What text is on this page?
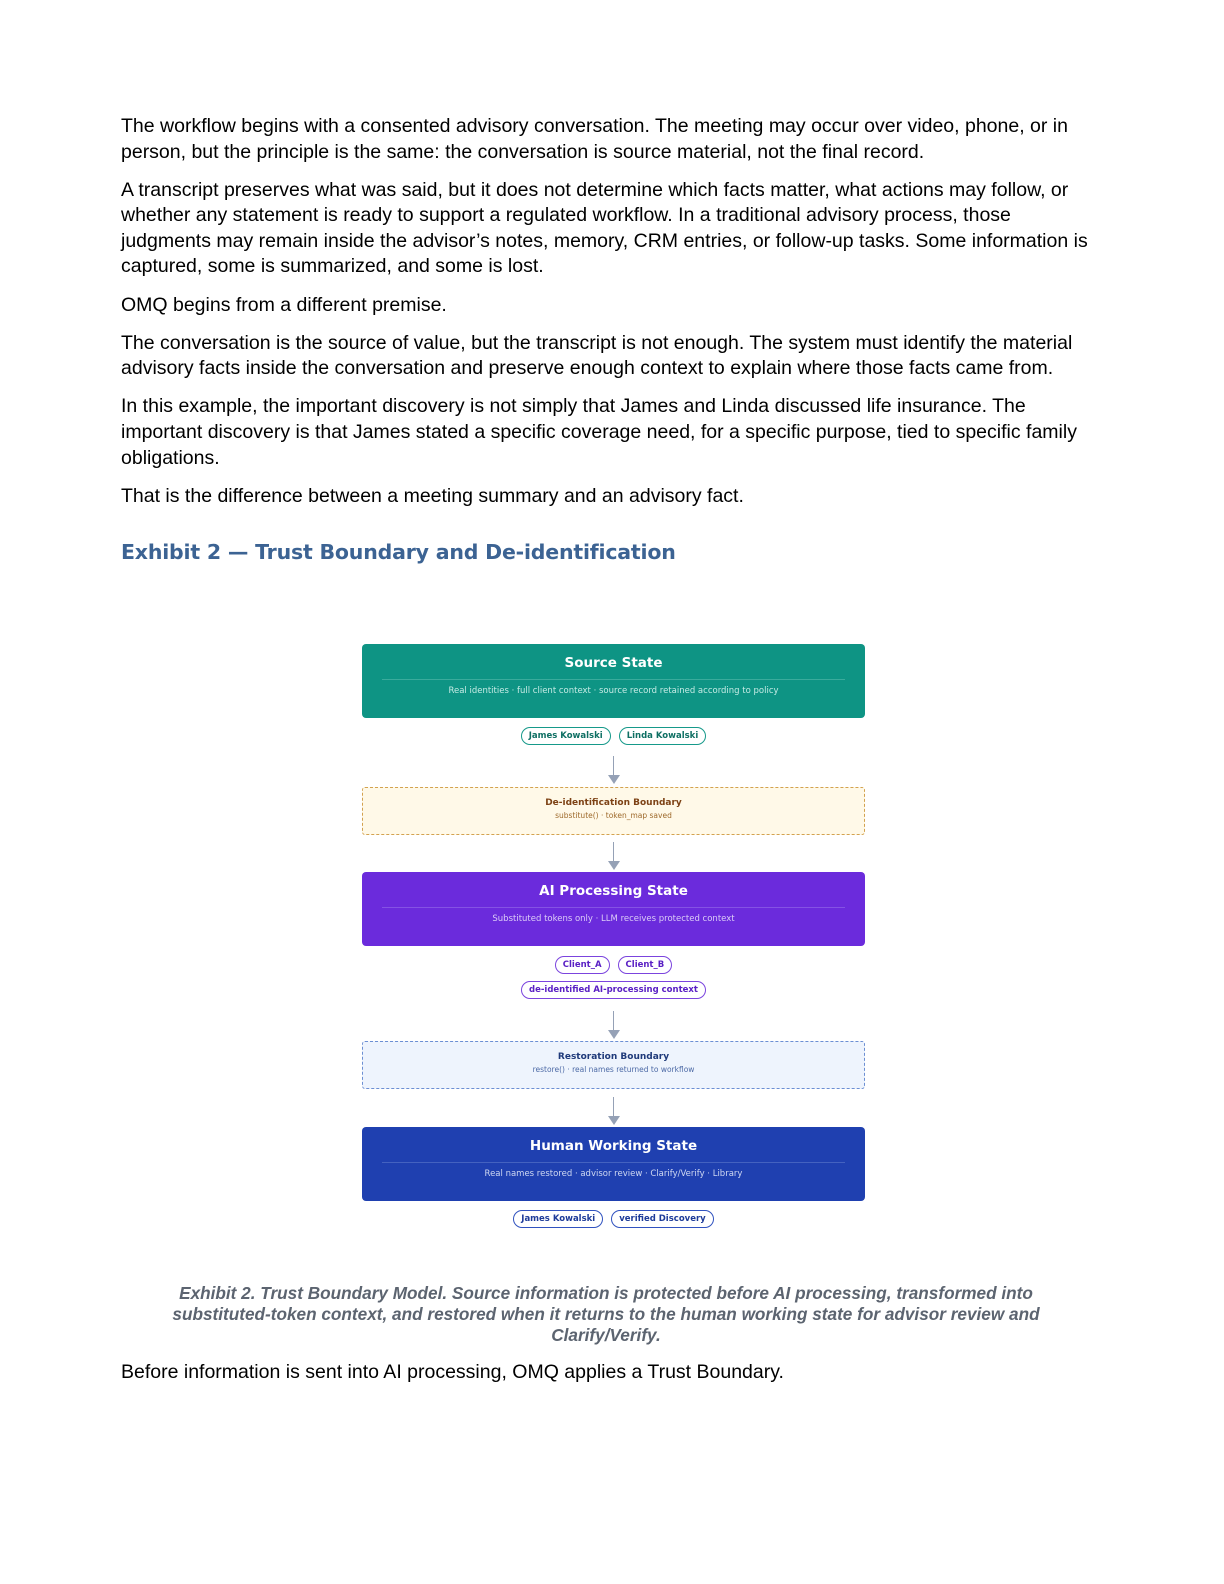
The workflow begins with a consented advisory conversation. The meeting may occur over video, phone, or in person, but the principle is the same: the conversation is source material, not the final record.

A transcript preserves what was said, but it does not determine which facts matter, what actions may follow, or whether any statement is ready to support a regulated workflow. In a traditional advisory process, those judgments may remain inside the advisor’s notes, memory, CRM entries, or follow-up tasks. Some information is captured, some is summarized, and some is lost.

OMQ begins from a different premise.

The conversation is the source of value, but the transcript is not enough. The system must identify the material advisory facts inside the conversation and preserve enough context to explain where those facts came from.

In this example, the important discovery is not simply that James and Linda discussed life insurance. The important discovery is that James stated a specific coverage need, for a specific purpose, tied to specific family obligations.

That is the difference between a meeting summary and an advisory fact.

Exhibit 2 — Trust Boundary and De-identification
Source State
Real identities · full client context · source record retained according to policy
James Kowalski	Linda Kowalski
De-identification Boundary
substitute() · token_map saved
AI Processing State
Substituted tokens only · LLM receives protected context
Client_A	Client_B
de-identified AI-processing context
Restoration Boundary
restore() · real names returned to workflow
Human Working State
Real names restored · advisor review · Clarify/Verify · Library
James Kowalski	verified Discovery
Exhibit 2. Trust Boundary Model. Source information is protected before AI processing, transformed into substituted-token context, and restored when it returns to the human working state for advisor review and Clarify/Verify.

Before information is sent into AI processing, OMQ applies a Trust Boundary.
